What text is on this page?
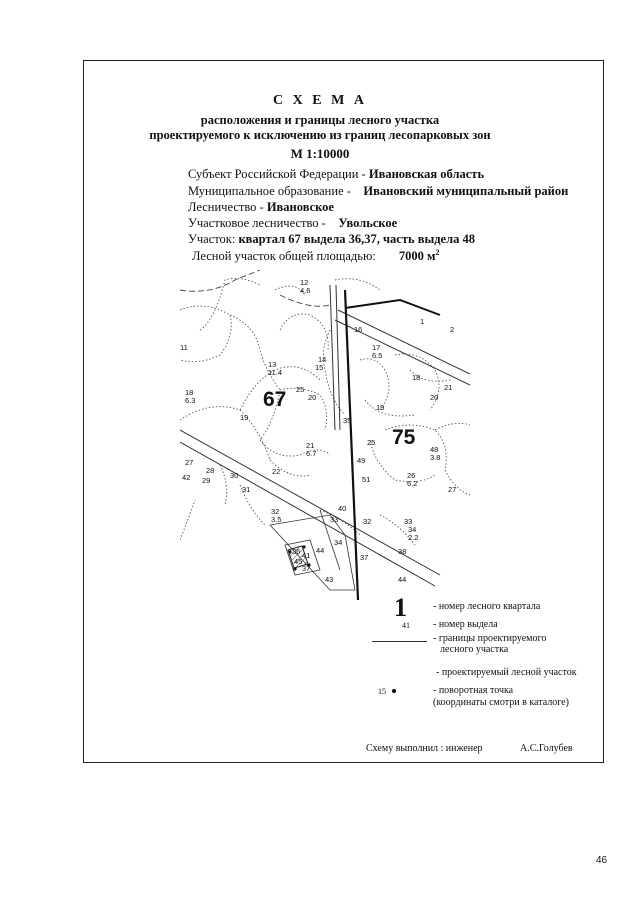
С Х Е М А
расположения и границы лесного участка
проектируемого к исключению из границ лесопарковых зон
М 1:10000
Субъект Российской Федерации - Ивановская область
Муниципальное образование -    Ивановский муниципальный район
Лесничество - Ивановское
Участковое лесничество -    Увольское
Участок: квартал 67 выдела 36,37, часть выдела 48
Лесной участок общей площадью: 7000 $м^2$
12
4.6
13
11.4
14
15
16
17
6.5
18
6.3
18
19
19
20	20
21
21
6.7
22
25
26
6.2
27
27
28
29
30
31
32
3.5	32
33	33
34
2.2
34
35
36
37
37
38
40
41
42
43
44
44
45
48
3.8
49
51
1
2
11
25
67
75
1	- номер лесного квартала
41 - номер выдела
- границы проектируемого
лесного участка
- проектируемый лесной участок
15	- поворотная точка
(координаты смотри в каталоге)
Схему выполнил : инженер	А.С.Голубев
46
